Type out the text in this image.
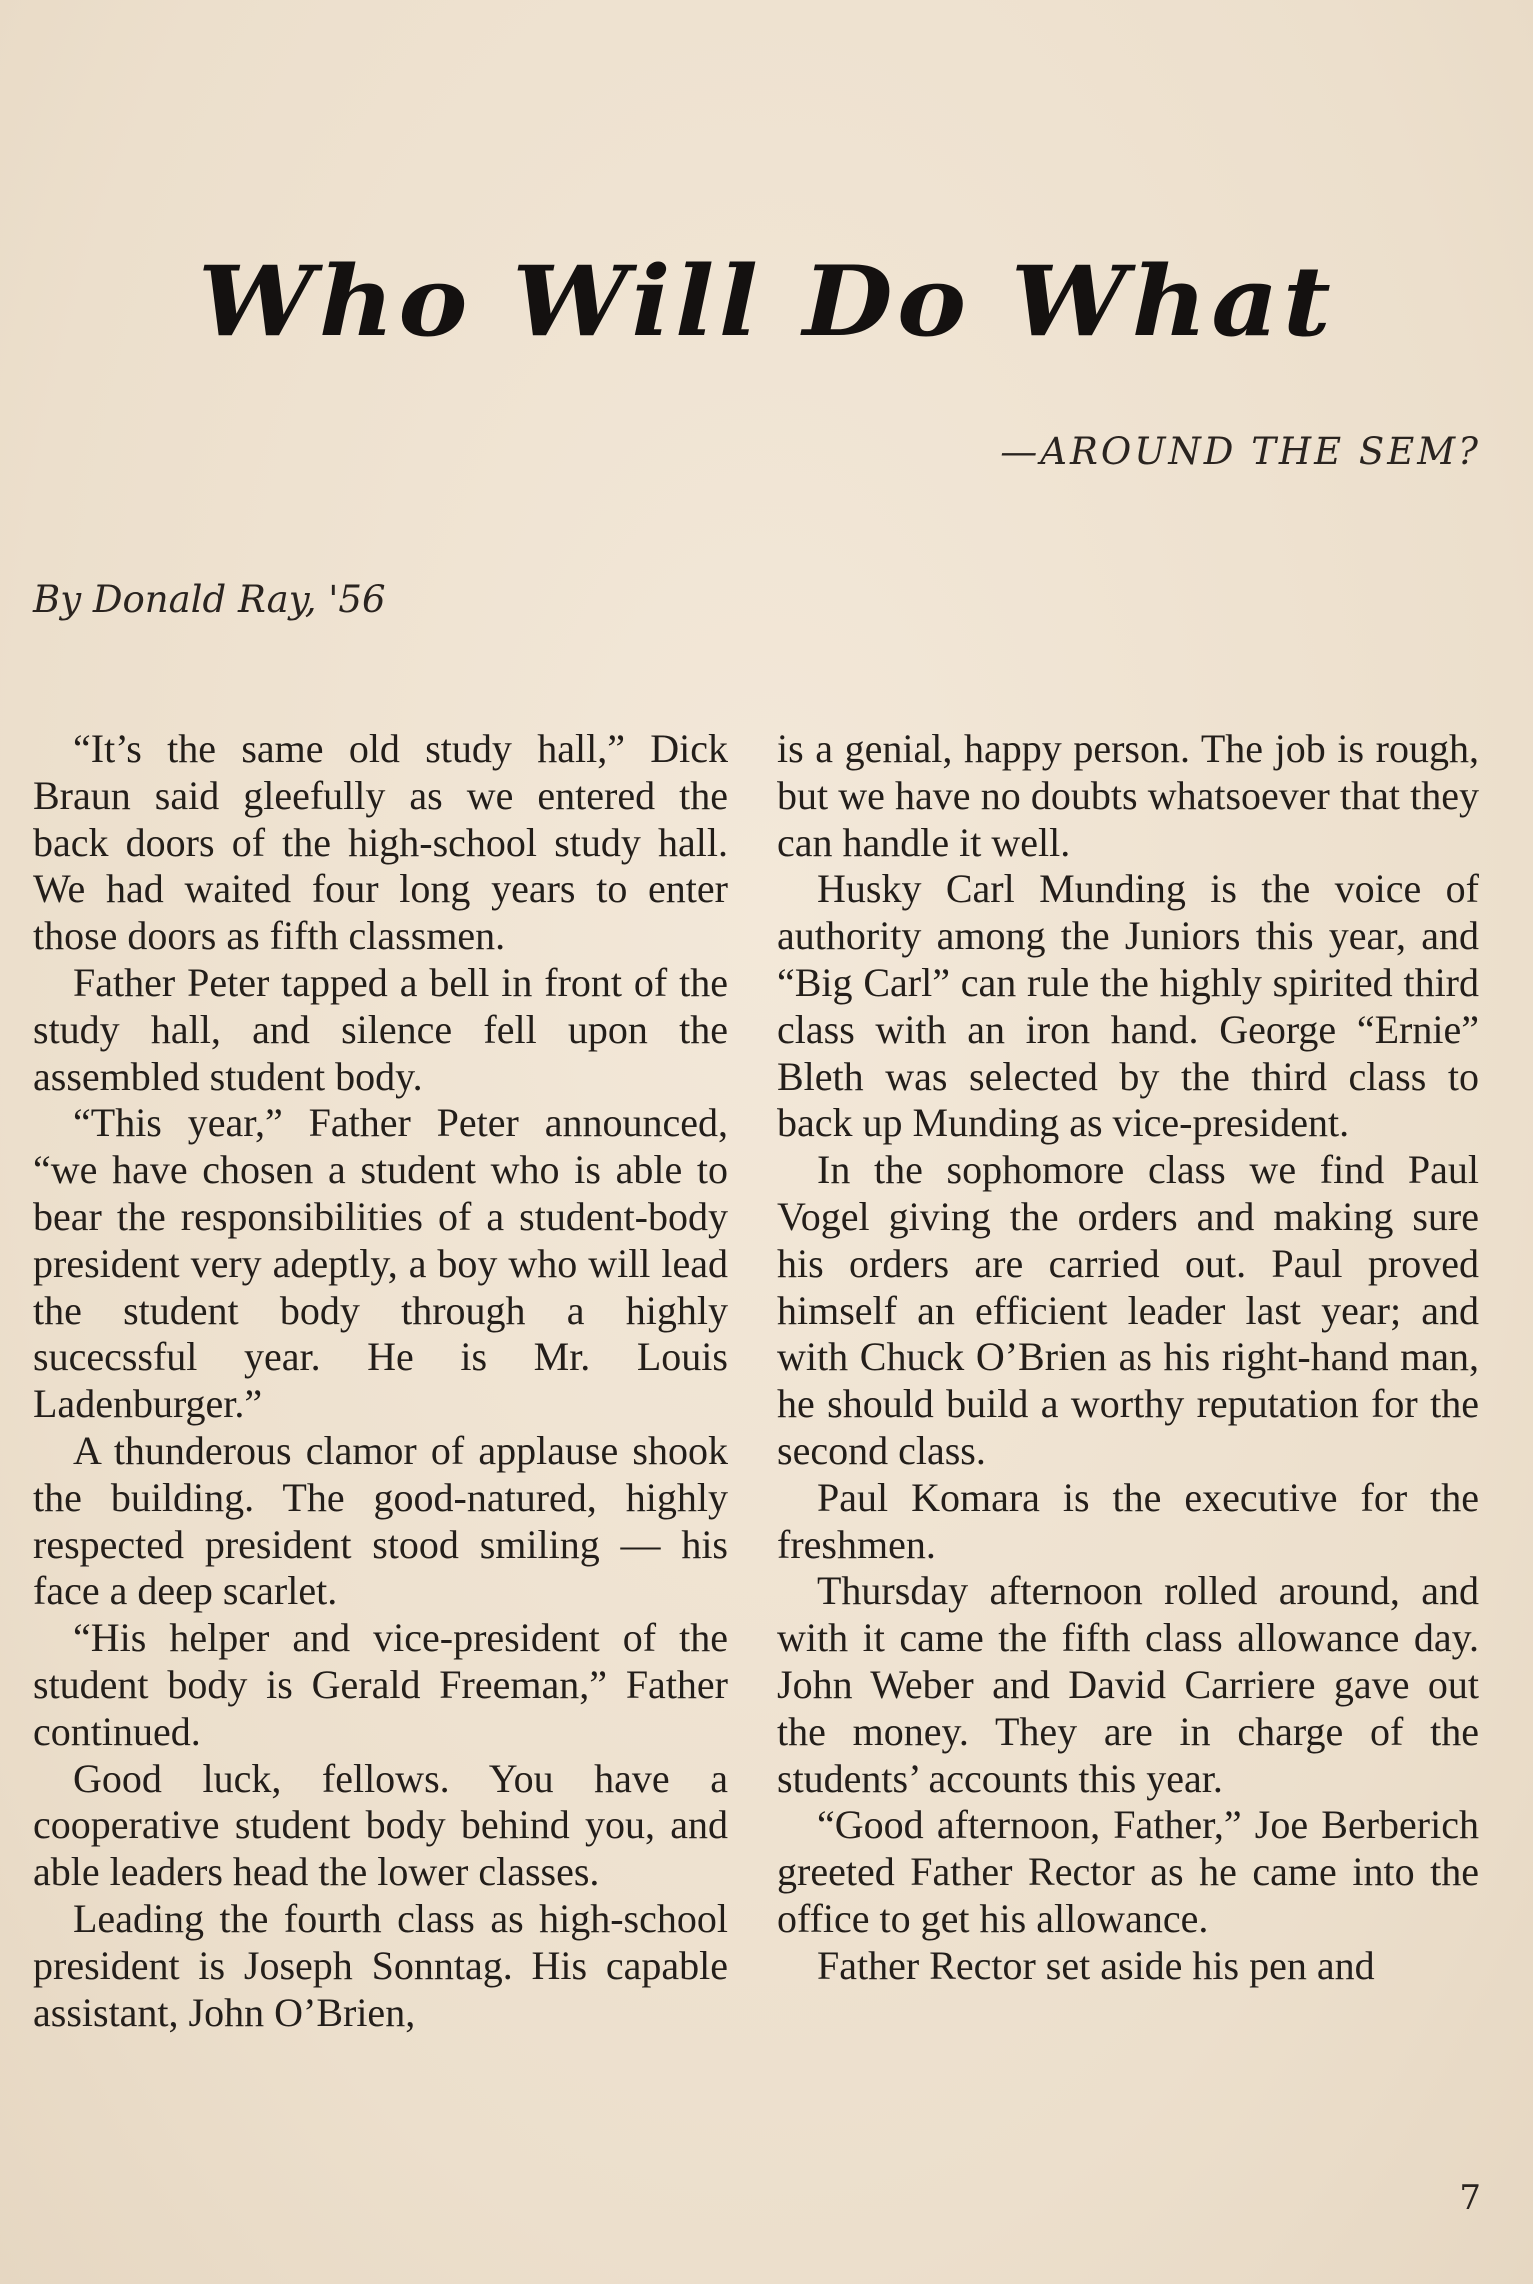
Who Will Do What
—AROUND THE SEM?
By Donald Ray, '56

“It’s the same old study hall,” Dick Braun said gleefully as we entered the back doors of the high-school study hall. We had waited four long years to enter those doors as fifth classmen.

Father Peter tapped a bell in front of the study hall, and silence fell upon the assembled student body.

“This year,” Father Peter announced, “we have chosen a student who is able to bear the responsibilities of a student-body president very adeptly, a boy who will lead the student body through a highly sucecssful year. He is Mr. Louis Ladenburger.”

A thunderous clamor of applause shook the building. The good-natured, highly respected president stood smiling — his face a deep scarlet.

“His helper and vice-president of the student body is Gerald Freeman,” Father continued.

Good luck, fellows. You have a cooperative student body behind you, and able leaders head the lower classes.

Leading the fourth class as high-school president is Joseph Sonntag. His capable assistant, John O’Brien,

is a genial, happy person. The job is rough, but we have no doubts whatsoever that they can handle it well.

Husky Carl Munding is the voice of authority among the Juniors this year, and “Big Carl” can rule the highly spirited third class with an iron hand. George “Ernie” Bleth was selected by the third class to back up Munding as vice-president.

In the sophomore class we find Paul Vogel giving the orders and making sure his orders are carried out. Paul proved himself an efficient leader last year; and with Chuck O’Brien as his right-hand man, he should build a worthy reputation for the second class.

Paul Komara is the executive for the freshmen.

Thursday afternoon rolled around, and with it came the fifth class allowance day. John Weber and David Carriere gave out the money. They are in charge of the students’ accounts this year.

“Good afternoon, Father,” Joe Berberich greeted Father Rector as he came into the office to get his allowance.

Father Rector set aside his pen and

7
